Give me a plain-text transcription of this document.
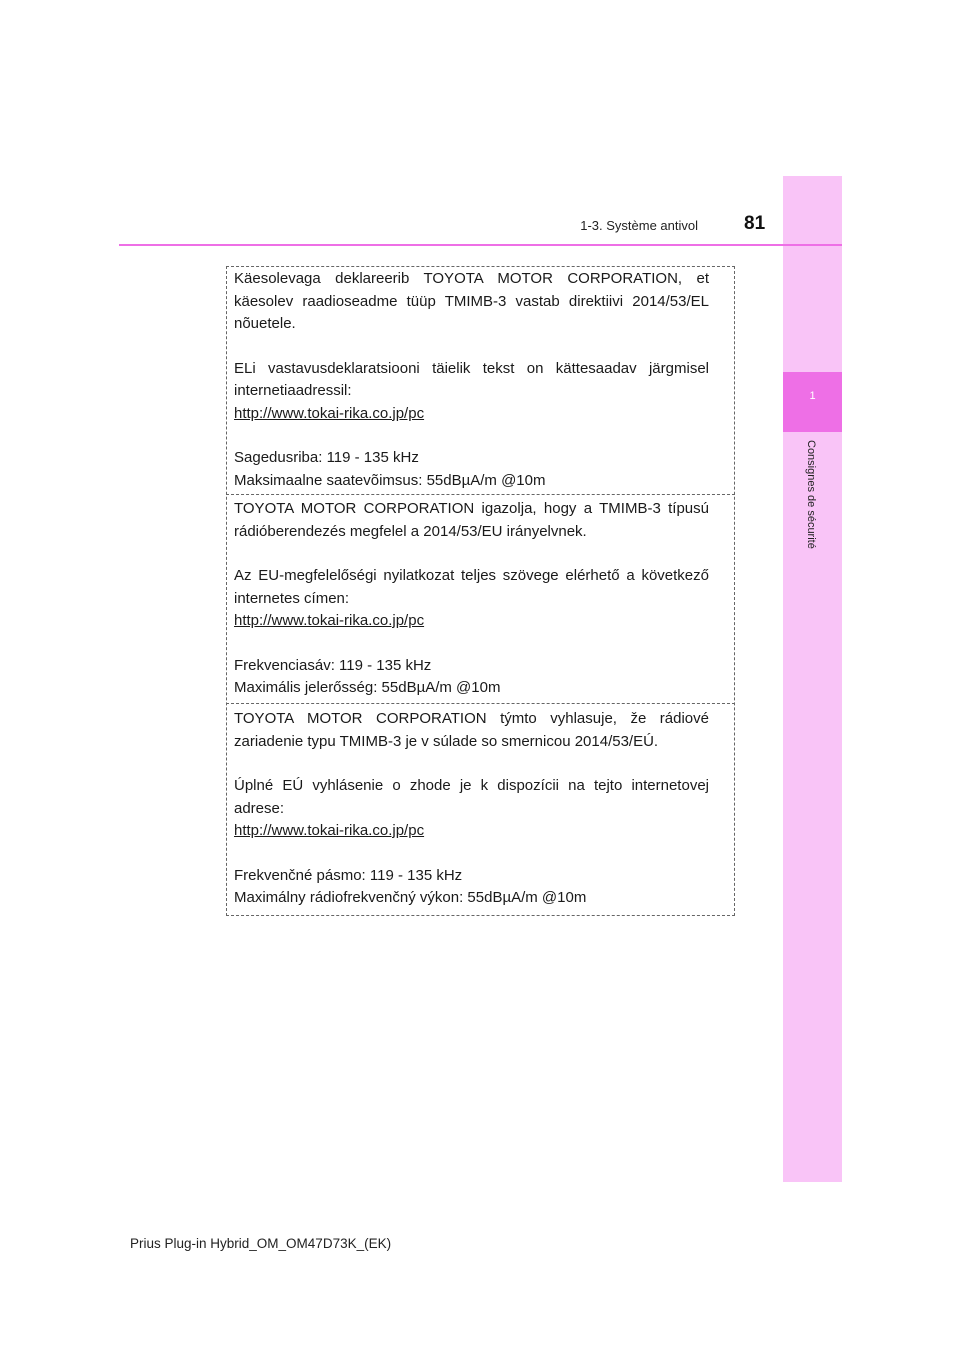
1
Consignes de sécurité
1-3. Système antivol 81

Käesolevaga deklareerib TOYOTA MOTOR CORPORATION, et käesolev raadioseadme tüüp TMIMB-3 vastab direktiivi 2014/53/EL nõuetele.

ELi vastavusdeklaratsiooni täielik tekst on kättesaadav järgmisel internetiaadressil:

http://www.tokai-rika.co.jp/pc

Sagedusriba: 119 - 135 kHz

Maksimaalne saatevõimsus: 55dBµA/m @10m

TOYOTA MOTOR CORPORATION igazolja, hogy a TMIMB-3 típusú rádióberendezés megfelel a 2014/53/EU irányelvnek.

Az EU-megfelelőségi nyilatkozat teljes szövege elérhető a következő internetes címen:

http://www.tokai-rika.co.jp/pc

Frekvenciasáv: 119 - 135 kHz

Maximális jelerősség: 55dBµA/m @10m

TOYOTA MOTOR CORPORATION týmto vyhlasuje, že rádiové zariadenie typu TMIMB-3 je v súlade so smernicou 2014/53/EÚ.

Úplné EÚ vyhlásenie o zhode je k dispozícii na tejto internetovej adrese:

http://www.tokai-rika.co.jp/pc

Frekvenčné pásmo: 119 - 135 kHz

Maximálny rádiofrekvenčný výkon: 55dBµA/m @10m

Prius Plug-in Hybrid_OM_OM47D73K_(EK)
